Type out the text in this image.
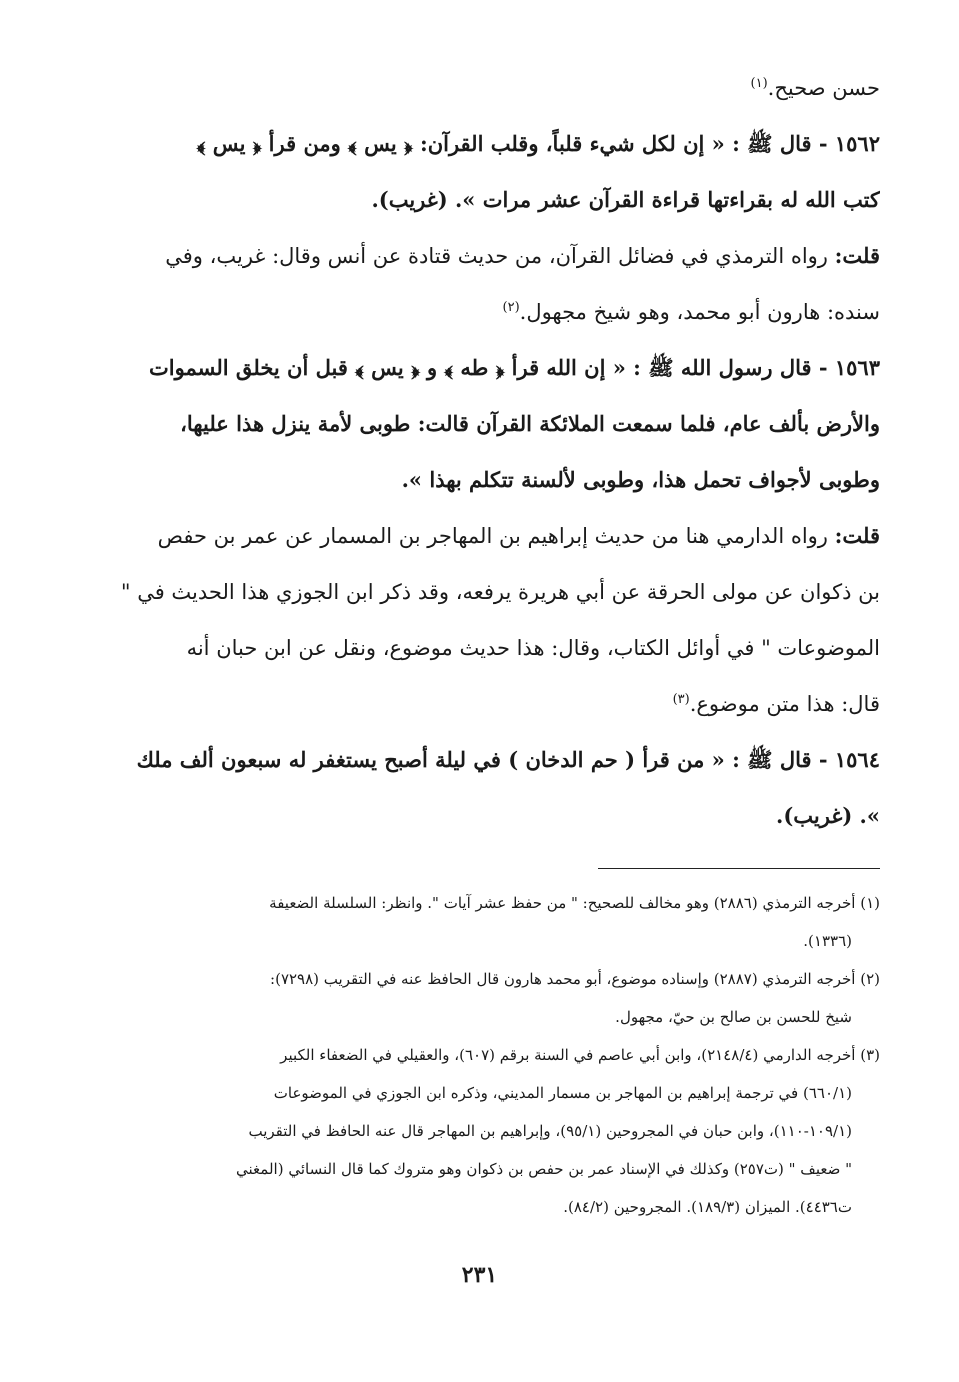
حسن صحيح.$^{(١)}$

١٥٦٢ - قال ﷺ : « إن لكل شيء قلباً، وقلب القرآن: ﴿ يس ﴾ ومن قرأ ﴿ يس ﴾

كتب الله له بقراءتها قراءة القرآن عشر مرات ». (غريب).

قلت: رواه الترمذي في فضائل القرآن، من حديث قتادة عن أنس وقال: غريب، وفي

سنده: هارون أبو محمد، وهو شيخ مجهول.$^{(٢)}$

١٥٦٣ - قال رسول الله ﷺ : « إن الله قرأ ﴿ طه ﴾ و ﴿ يس ﴾ قبل أن يخلق السموات

والأرض بألف عام، فلما سمعت الملائكة القرآن قالت: طوبى لأمة ينزل هذا عليها،

وطوبى لأجواف تحمل هذا، وطوبى لألسنة تتكلم بهذا ».

قلت: رواه الدارمي هنا من حديث إبراهيم بن المهاجر بن المسمار عن عمر بن حفص

بن ذكوان عن مولى الحرقة عن أبي هريرة يرفعه، وقد ذكر ابن الجوزي هذا الحديث في "

الموضوعات " في أوائل الكتاب، وقال: هذا حديث موضوع، ونقل عن ابن حبان أنه

قال: هذا متن موضوع.$^{(٣)}$

١٥٦٤ - قال ﷺ : « من قرأ ( حم الدخان ) في ليلة أصبح يستغفر له سبعون ألف ملك

». (غريب).

(١) أخرجه الترمذي (٢٨٨٦) وهو مخالف للصحيح: " من حفظ عشر آيات ". وانظر: السلسلة الضعيفة

(١٣٣٦).

(٢) أخرجه الترمذي (٢٨٨٧) وإسناده موضوع، أبو محمد هارون قال الحافظ عنه في التقريب (٧٢٩٨):

شيخ للحسن بن صالح بن حيّ، مجهول.

(٣) أخرجه الدارمي (٢١٤٨/٤)، وابن أبي عاصم في السنة برقم (٦٠٧)، والعقيلي في الضعفاء الكبير

(٦٦٠/١) في ترجمة إبراهيم بن المهاجر بن مسمار المديني، وذكره ابن الجوزي في الموضوعات

(١٠٩/١-١١٠)، وابن حبان في المجروحين (٩٥/١)، وإبراهيم بن المهاجر قال عنه الحافظ في التقريب

" ضعيف " (ت٢٥٧) وكذلك في الإسناد عمر بن حفص بن ذكوان وهو متروك كما قال النسائي (المغني

ت٤٤٣٦). الميزان (١٨٩/٣). المجروحين (٨٤/٢).

٢٣١
